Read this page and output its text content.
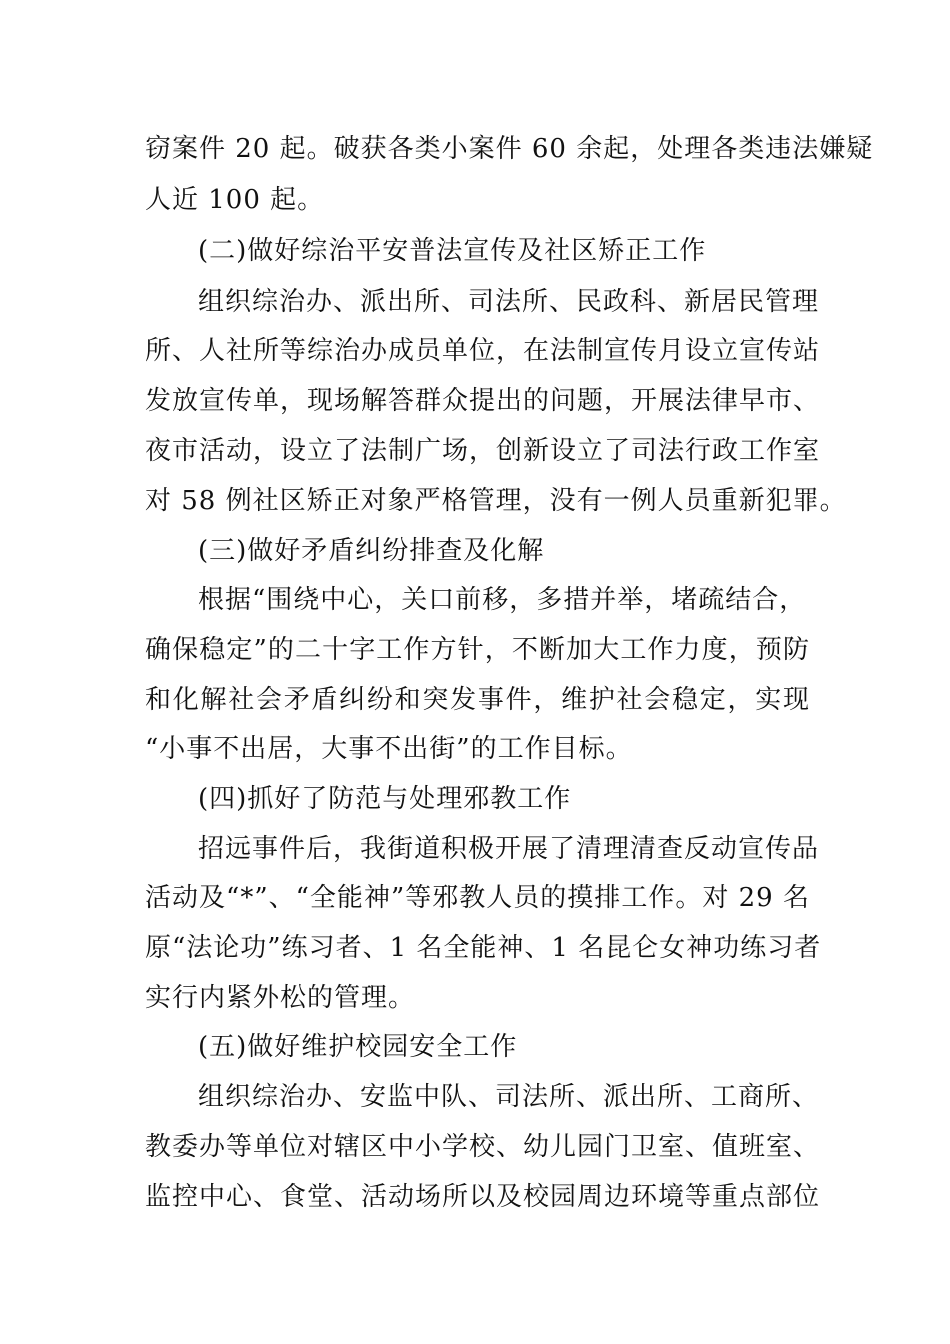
窃案件 20 起。破获各类小案件 60 余起，处理各类违法嫌疑
人近 100 起。
(二)做好综治平安普法宣传及社区矫正工作
组织综治办、派出所、司法所、民政科、新居民管理
所、人社所等综治办成员单位，在法制宣传月设立宣传站
发放宣传单，现场解答群众提出的问题，开展法律早市、
夜市活动，设立了法制广场，创新设立了司法行政工作室
对 58 例社区矫正对象严格管理，没有一例人员重新犯罪。
(三)做好矛盾纠纷排查及化解
根据“围绕中心，关口前移，多措并举，堵疏结合，
确保稳定”的二十字工作方针，不断加大工作力度，预防
和化解社会矛盾纠纷和突发事件，维护社会稳定，实现
“小事不出居，大事不出街”的工作目标。
(四)抓好了防范与处理邪教工作
招远事件后，我街道积极开展了清理清查反动宣传品
活动及“*”、“全能神”等邪教人员的摸排工作。对 29 名
原“法论功”练习者、1 名全能神、1 名昆仑女神功练习者
实行内紧外松的管理。
(五)做好维护校园安全工作
组织综治办、安监中队、司法所、派出所、工商所、
教委办等单位对辖区中小学校、幼儿园门卫室、值班室、
监控中心、食堂、活动场所以及校园周边环境等重点部位
